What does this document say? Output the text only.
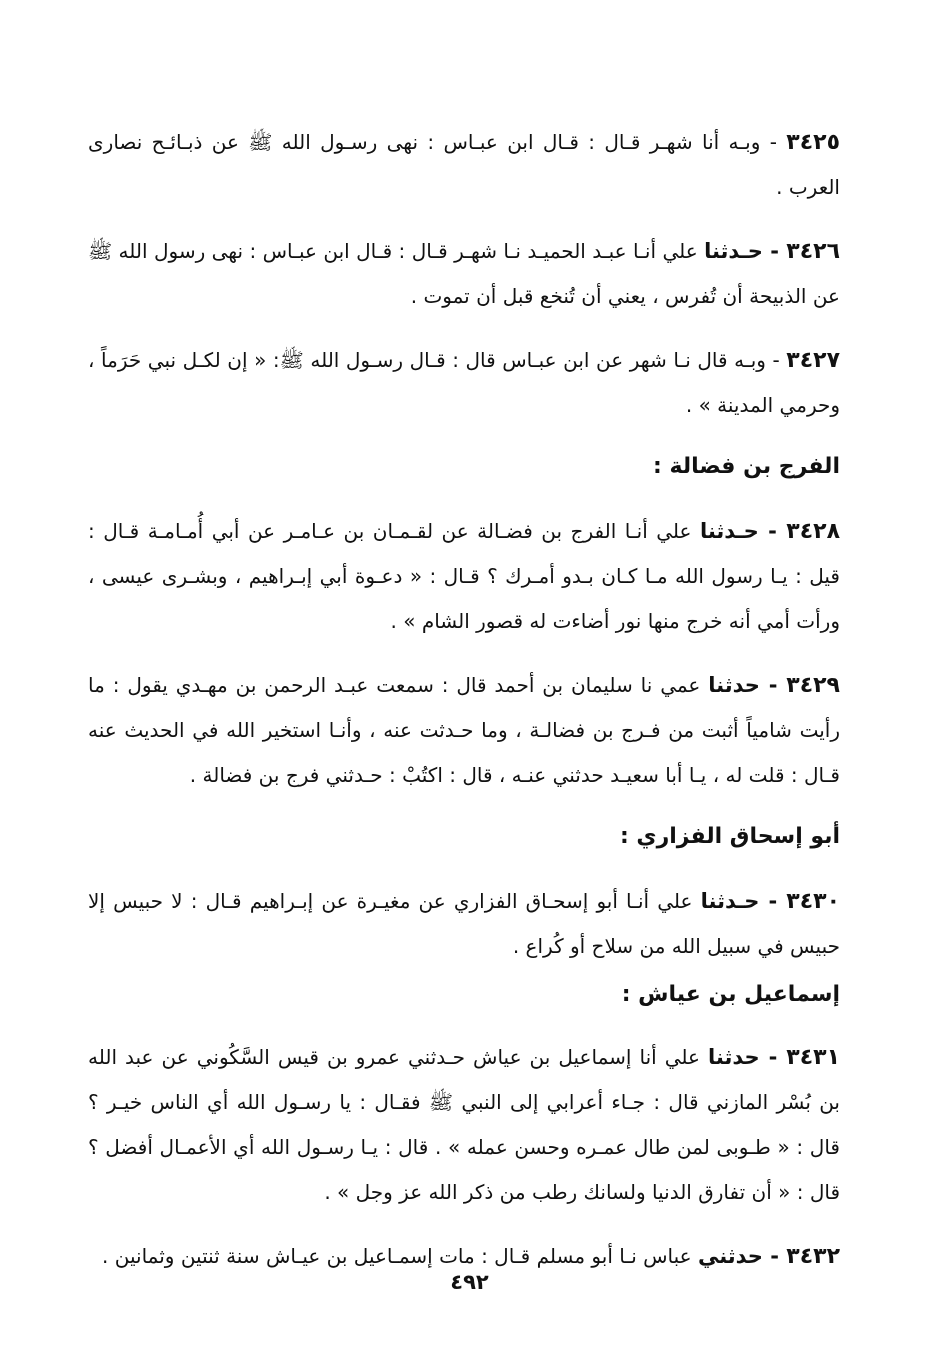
٣٤٢٥ - وبـه أنا شهـر قـال : قـال ابن عبـاس : نهى رسـول الله ﷺ عن ذبـائـح نصارى العرب .

٣٤٢٦ - حـدثنا علي أنـا عبـد الحميـد نـا شهـر قـال : قـال ابن عبـاس : نهى رسول الله ﷺ عن الذبيحة أن تُفرس ، يعني أن تُنخع قبل أن تموت .

٣٤٢٧ - وبـه قال نـا شهر عن ابن عبـاس قال : قـال رسـول الله ﷺ: « إن لكـل نبي حَرَماً ، وحرمي المدينة » .

الفرج بن فضالة :

٣٤٢٨ - حـدثنا علي أنـا الفرج بن فضـالة عن لقـمـان بن عـامـر عن أبي أُمـامـة قـال : قيل : يـا رسول الله مـا كـان بـدو أمـرك ؟ قـال : « دعـوة أبي إبـراهيم ، وبشـرى عيسى ، ورأت أمي أنه خرج منها نور أضاءت له قصور الشام » .

٣٤٢٩ - حدثنا عمي نا سليمان بن أحمد قال : سمعت عبـد الرحمن بن مهـدي يقول : ما رأيت شامياً أثبت من فـرج بن فضالـة ، وما حـدثت عنه ، وأنـا استخير الله في الحديث عنه قـال : قلت له ، يـا أبا سعيـد حدثني عنـه ، قال : اكتُبْ : حـدثني فرج بن فضالة .

أبو إسحاق الفزاري :

٣٤٣٠ - حـدثنا علي أنـا أبو إسحـاق الفزاري عن مغيـرة عن إبـراهيم قـال : لا حبيس إلا حبيس في سبيل الله من سلاح أو كُراع .

إسماعيل بن عياش :

٣٤٣١ - حدثنا علي أنا إسماعيل بن عياش حـدثني عمرو بن قيس السَّكُوني عن عبد الله بن بُسْر المازني قال : جـاء أعرابي إلى النبي ﷺ فقـال : يا رسـول الله أي الناس خيـر ؟ قال : « طـوبى لمن طال عمـره وحسن عمله » . قال : يـا رسـول الله أي الأعمـال أفضل ؟ قال : « أن تفارق الدنيا ولسانك رطب من ذكر الله عز وجل » .

٣٤٣٢ - حدثني عباس نـا أبو مسلم قـال : مات إسمـاعيل بن عيـاش سنة ثنتين وثمانين .

٤٩٢
